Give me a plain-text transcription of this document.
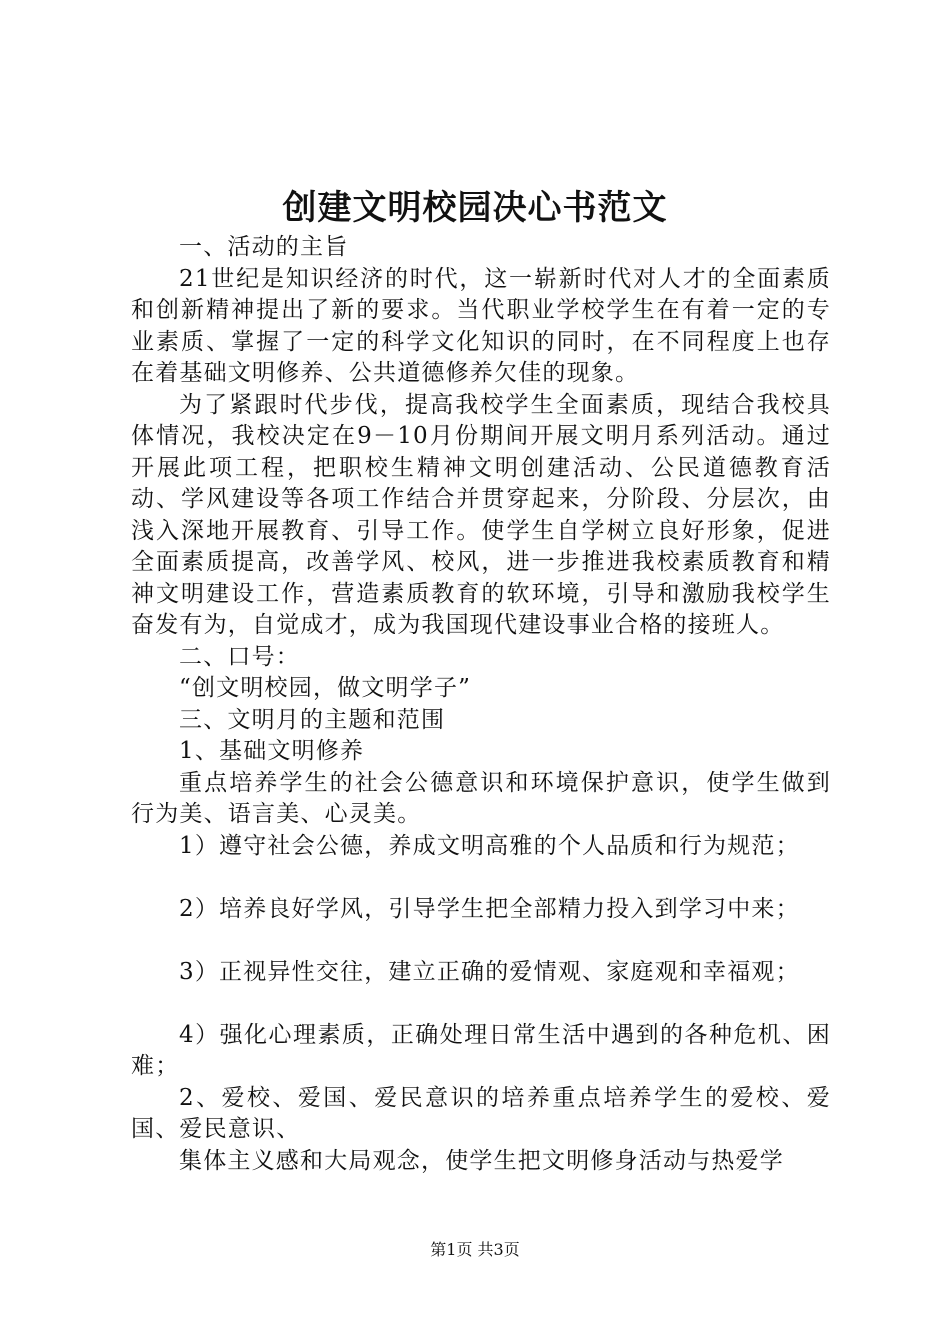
创建文明校园决心书范文

一、活动的主旨

21世纪是知识经济的时代，这一崭新时代对人才的全面素质和创新精神提出了新的要求。当代职业学校学生在有着一定的专业素质、掌握了一定的科学文化知识的同时，在不同程度上也存在着基础文明修养、公共道德修养欠佳的现象。

为了紧跟时代步伐，提高我校学生全面素质，现结合我校具体情况，我校决定在9－10月份期间开展文明月系列活动。通过开展此项工程，把职校生精神文明创建活动、公民道德教育活动、学风建设等各项工作结合并贯穿起来，分阶段、分层次，由浅入深地开展教育、引导工作。使学生自学树立良好形象，促进全面素质提高，改善学风、校风，进一步推进我校素质教育和精神文明建设工作，营造素质教育的软环境，引导和激励我校学生奋发有为，自觉成才，成为我国现代建设事业合格的接班人。

二、口号：

“创文明校园，做文明学子”

三、文明月的主题和范围

1、基础文明修养

重点培养学生的社会公德意识和环境保护意识，使学生做到行为美、语言美、心灵美。

1）遵守社会公德，养成文明高雅的个人品质和行为规范；

2）培养良好学风，引导学生把全部精力投入到学习中来；

3）正视异性交往，建立正确的爱情观、家庭观和幸福观；

4）强化心理素质，正确处理日常生活中遇到的各种危机、困难；

2、爱校、爱国、爱民意识的培养重点培养学生的爱校、爱国、爱民意识、

集体主义感和大局观念，使学生把文明修身活动与热爱学

第1页 共3页
